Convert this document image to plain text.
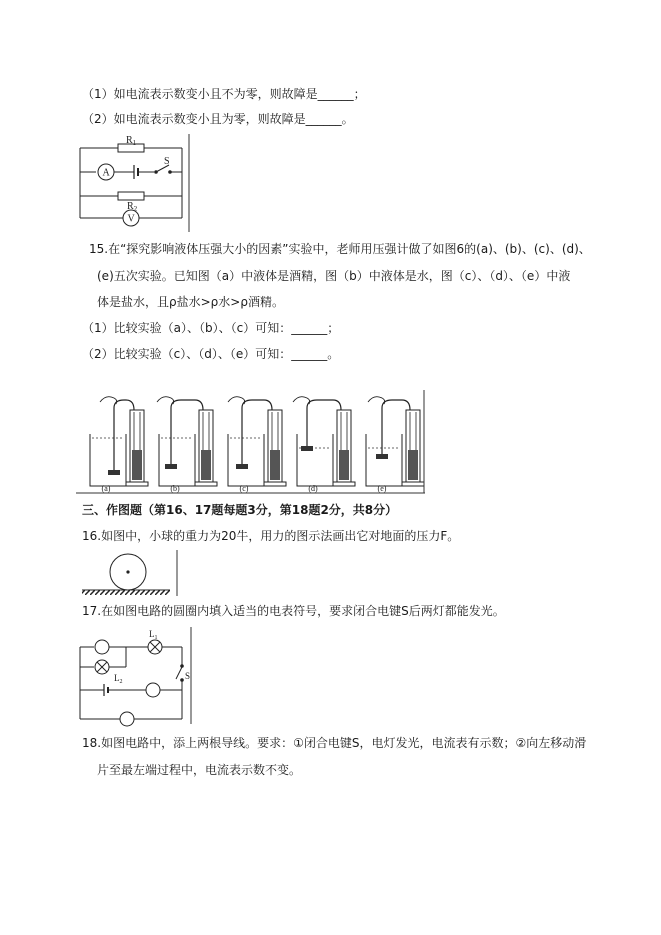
（1）如电流表示数变小且不为零，则故障是______；
（2）如电流表示数变小且为零，则故障是______。
$R_1$
A
S
$R_2$
V
15.在“探究影响液体压强大小的因素”实验中，老师用压强计做了如图6的(a)、(b)、(c)、(d)、
(e)五次实验。已知图（a）中液体是酒精，图（b）中液体是水，图（c）、（d）、（e）中液
体是盐水，且ρ盐水>ρ水>ρ酒精。
（1）比较实验（a）、（b）、（c）可知：______；
（2）比较实验（c）、（d）、（e）可知：______。
(a)	(b)	(c)	(d)	(e)
三、作图题（第16、17题每题3分，第18题2分，共8分）
16.如图中，小球的重力为20牛，用力的图示法画出它对地面的压力F。
17.在如图电路的圆圈内填入适当的电表符号，要求闭合电键S后两灯都能发光。
$L_1$
$L_2$
S
18.如图电路中，添上两根导线。要求：①闭合电键S，电灯发光，电流表有示数；②向左移动滑
片至最左端过程中，电流表示数不变。
